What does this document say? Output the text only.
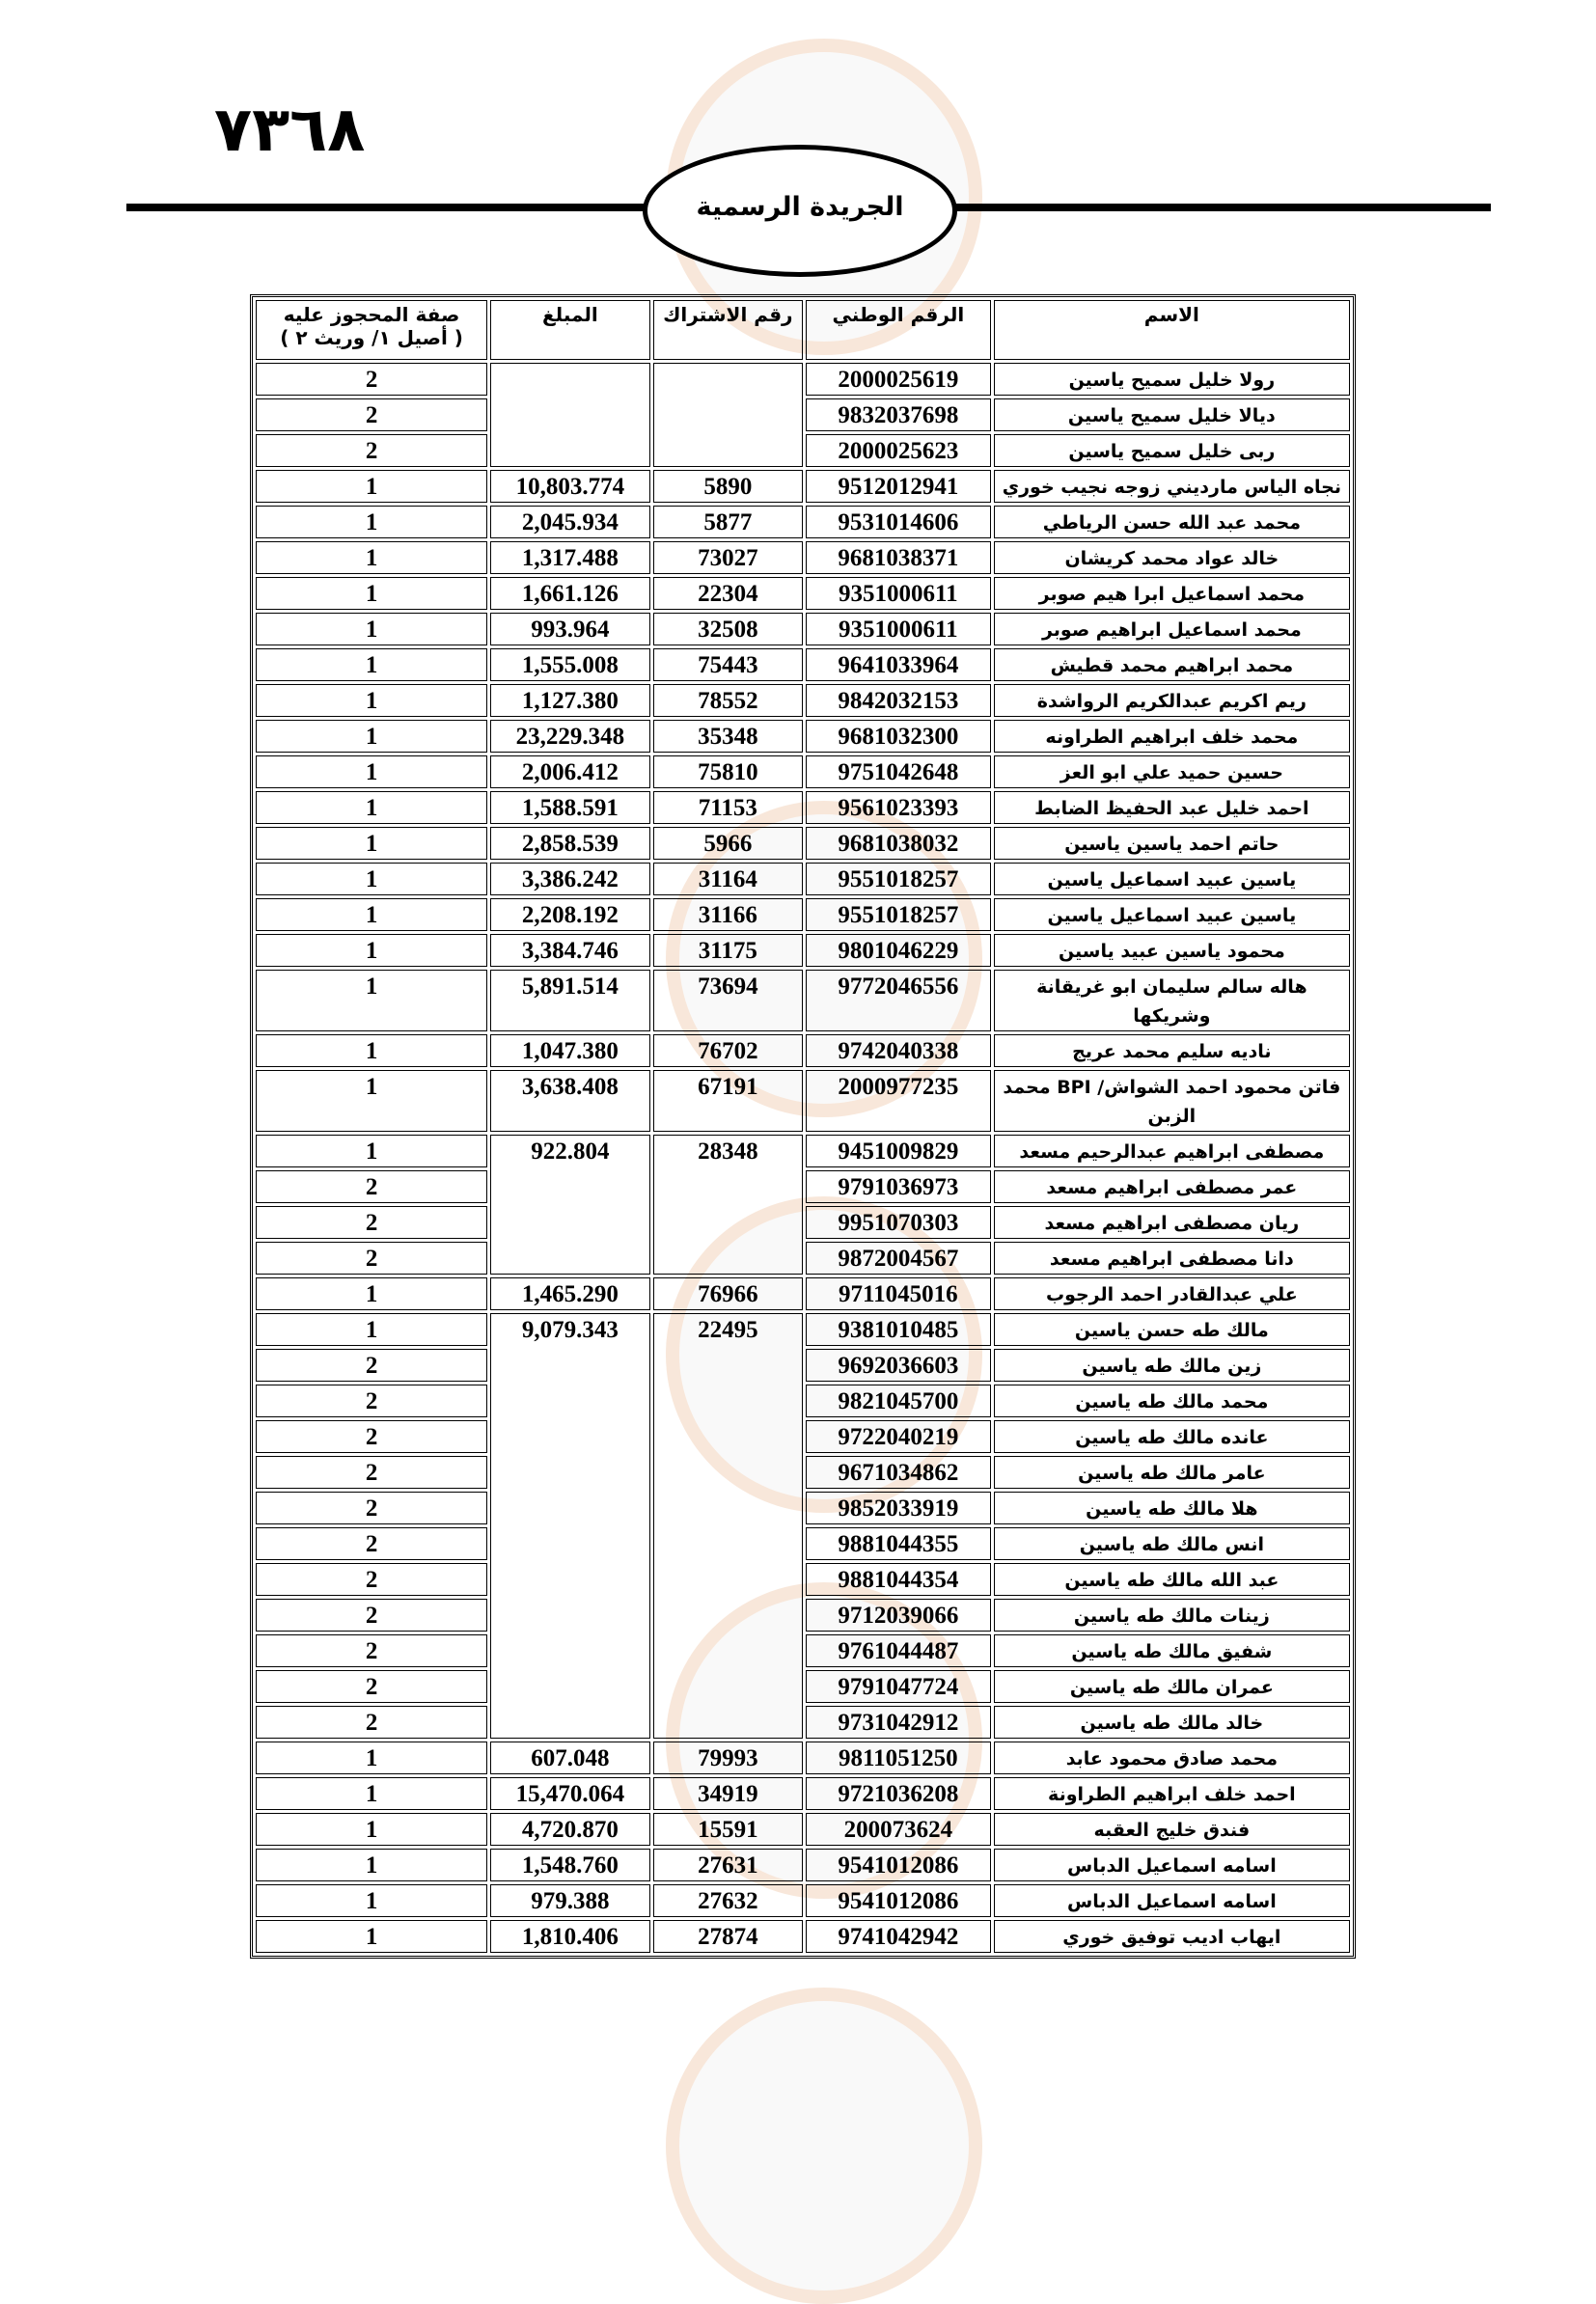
٧٣٦٨
الجريدة الرسمية
الاسم	الرقم الوطني	رقم الاشتراك	المبلغ	صفة المحجوز عليه
( أصيل ١/ وريث ٢ )

رولا خليل سميح ياسين	2000025619			2
ديالا خليل سميح ياسين	9832037698			2
ربى خليل سميح ياسين	2000025623			2
نجاه الياس مارديني زوجه نجيب خوري	9512012941	5890	10,803.774	1
محمد عبد الله حسن الرياطي	9531014606	5877	2,045.934	1
خالد عواد محمد كريشان	9681038371	73027	1,317.488	1
محمد اسماعيل ابرا هيم صوبر	9351000611	22304	1,661.126	1
محمد اسماعيل ابراهيم صوبر	9351000611	32508	993.964	1
محمد ابراهيم محمد قطيش	9641033964	75443	1,555.008	1
ريم اكريم عبدالكريم الرواشدة	9842032153	78552	1,127.380	1
محمد خلف ابراهيم الطراونه	9681032300	35348	23,229.348	1
حسين حميد علي ابو العز	9751042648	75810	2,006.412	1
احمد خليل عبد الحفيظ الضابط	9561023393	71153	1,588.591	1
حاتم احمد ياسين ياسين	9681038032	5966	2,858.539	1
ياسين عبيد اسماعيل ياسين	9551018257	31164	3,386.242	1
ياسين عبيد اسماعيل ياسين	9551018257	31166	2,208.192	1
محمود ياسين عبيد ياسين	9801046229	31175	3,384.746	1
هاله سالم سليمان ابو غريقانة وشريكها	9772046556	73694	5,891.514	1
ناديه سليم محمد عريج	9742040338	76702	1,047.380	1
فاتن محمود احمد الشواش/ BPI محمد الزبن	2000977235	67191	3,638.408	1
مصطفى ابراهيم عبدالرحيم مسعد	9451009829	28348	922.804	1
عمر مصطفى ابراهيم مسعد	9791036973			2
ريان مصطفى ابراهيم مسعد	9951070303			2
دانا مصطفى ابراهيم مسعد	9872004567			2
علي عبدالقادر احمد الرجوب	9711045016	76966	1,465.290	1
مالك طه حسن ياسين	9381010485	22495	9,079.343	1
زين مالك طه ياسين	9692036603			2
محمد مالك طه ياسين	9821045700			2
عانده مالك طه ياسين	9722040219			2
عامر مالك طه ياسين	9671034862			2
هلا مالك طه ياسين	9852033919			2
انس مالك طه ياسين	9881044355			2
عبد الله مالك طه ياسين	9881044354			2
زينات مالك طه ياسين	9712039066			2
شفيق مالك طه ياسين	9761044487			2
عمران مالك طه ياسين	9791047724			2
خالد مالك طه ياسين	9731042912			2
محمد صادق محمود عابد	9811051250	79993	607.048	1
احمد خلف ابراهيم الطراونة	9721036208	34919	15,470.064	1
فندق خليج العقبه	200073624	15591	4,720.870	1
اسامه اسماعيل الدباس	9541012086	27631	1,548.760	1
اسامه اسماعيل الدباس	9541012086	27632	979.388	1
ايهاب اديب توفيق خوري	9741042942	27874	1,810.406	1
